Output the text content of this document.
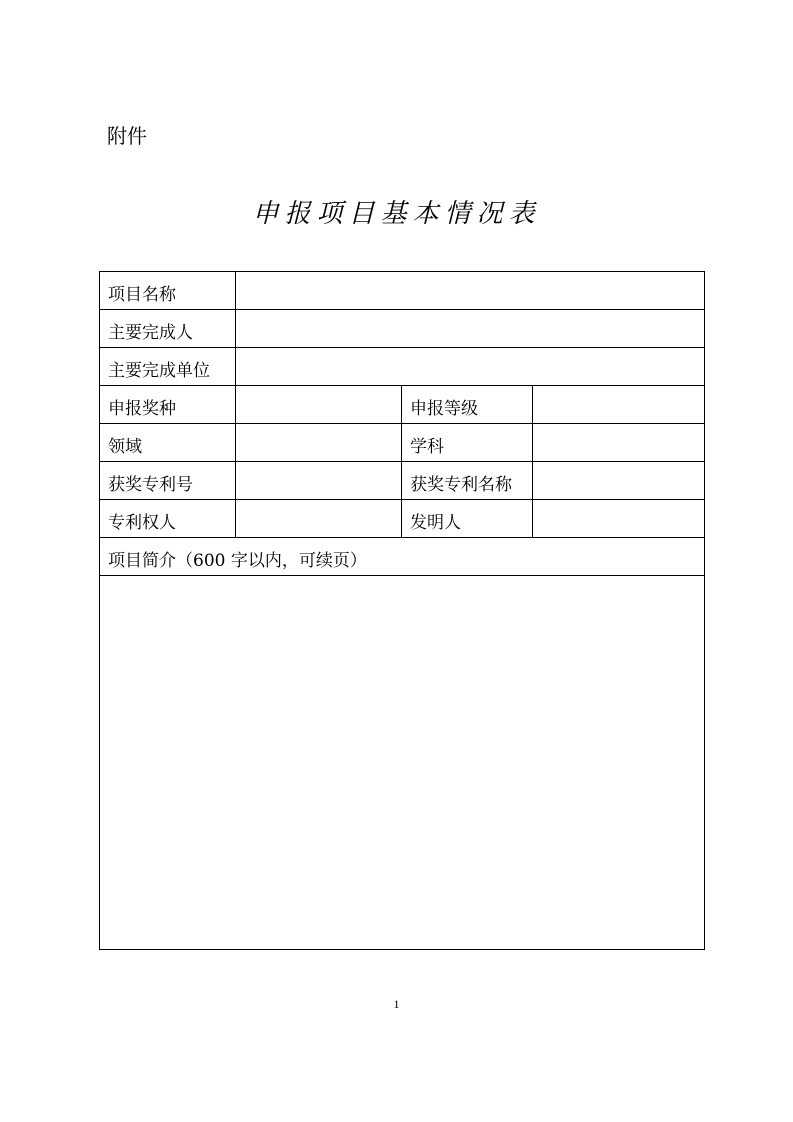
附件
申报项目基本情况表
项目名称			
主要完成人			
主要完成单位			
申报奖种		申报等级	
领域		学科	
获奖专利号		获奖专利名称	
专利权人		发明人	
项目简介（600 字以内，可续页）			

1
